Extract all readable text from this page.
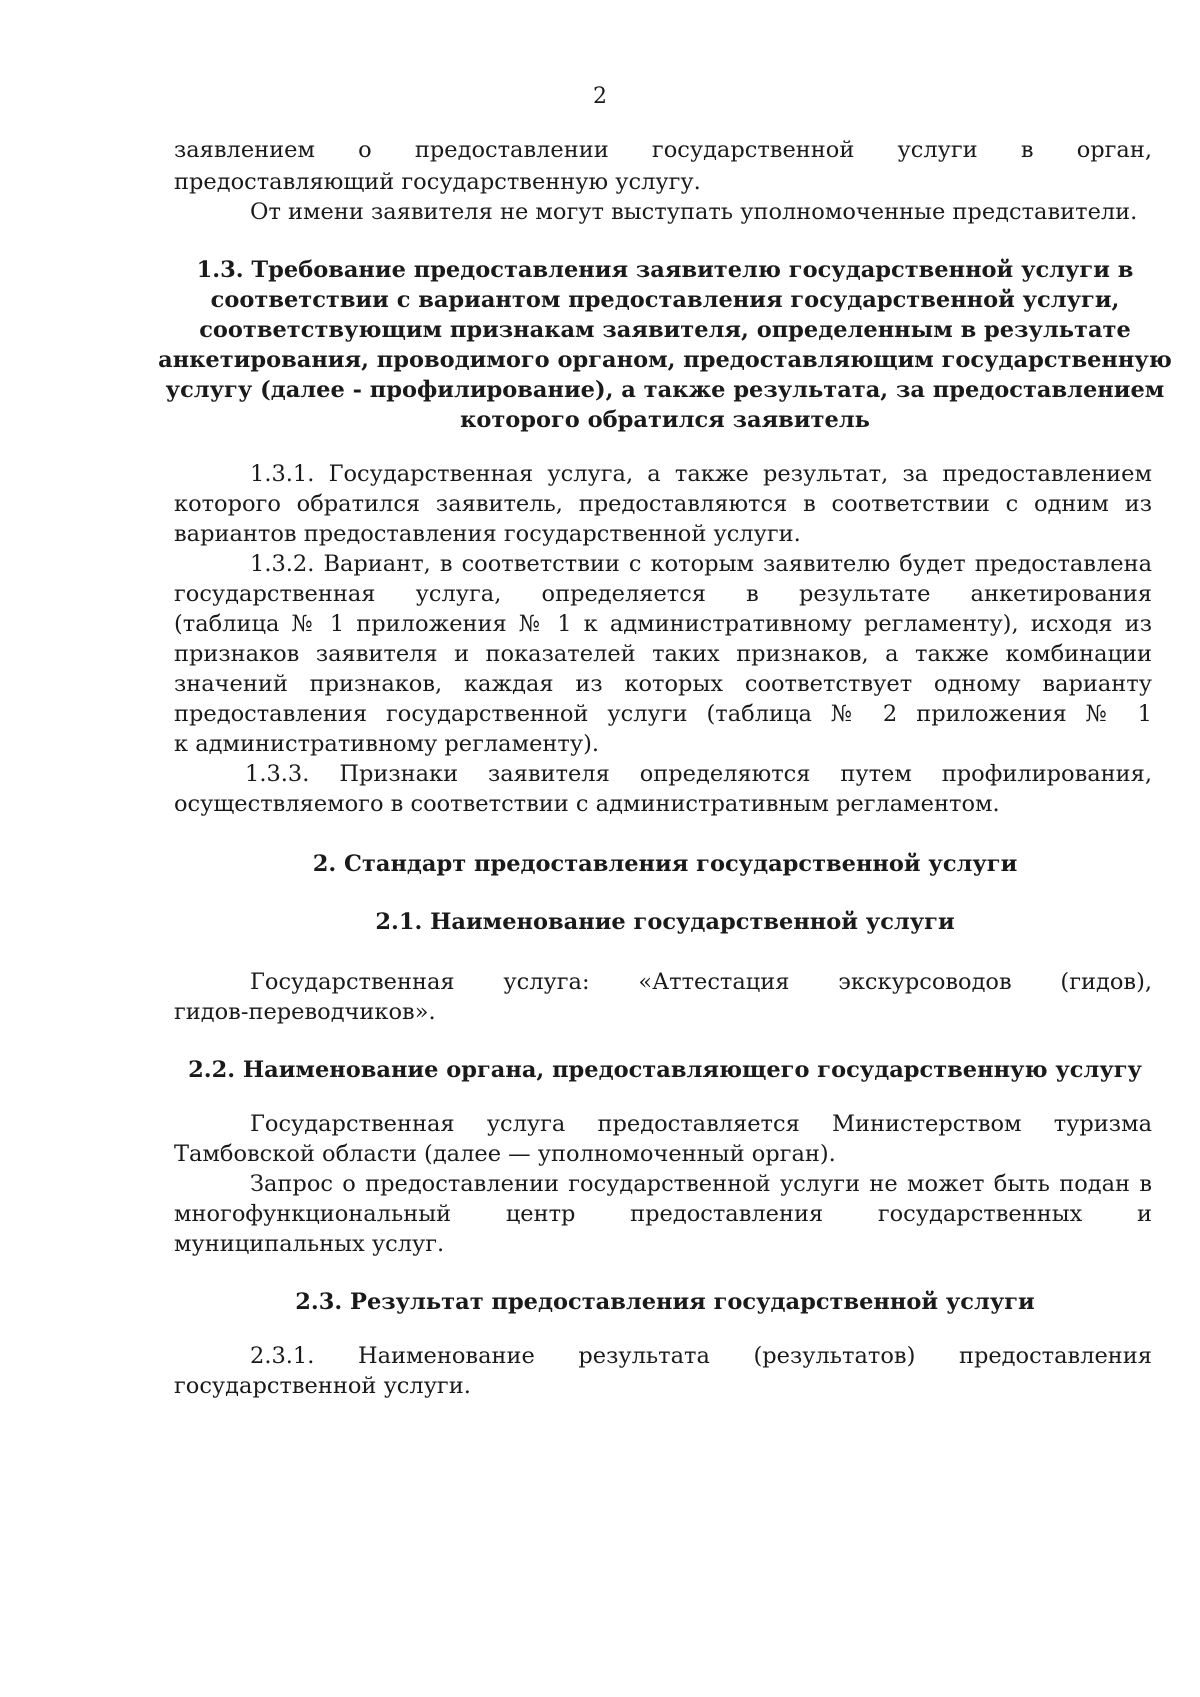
2
заявлением о предоставлении государственной услуги в орган,
предоставляющий государственную услугу.
От имени заявителя не могут выступать уполномоченные представители.
1.3. Требование предоставления заявителю государственной услуги в
соответствии с вариантом предоставления государственной услуги,
соответствующим признакам заявителя, определенным в результате
анкетирования, проводимого органом, предоставляющим государственную
услугу (далее - профилирование), а также результата, за предоставлением
которого обратился заявитель
1.3.1. Государственная услуга, а также результат, за предоставлением
которого обратился заявитель, предоставляются в соответствии с одним из
вариантов предоставления государственной услуги.
1.3.2. Вариант, в соответствии с которым заявителю будет предоставлена
государственная услуга, определяется в результате анкетирования
(таблица № 1 приложения № 1 к административному регламенту), исходя из
признаков заявителя и показателей таких признаков, а также комбинации
значений признаков, каждая из которых соответствует одному варианту
предоставления государственной услуги (таблица № 2 приложения № 1
к административному регламенту).
1.3.3. Признаки заявителя определяются путем профилирования,
осуществляемого в соответствии с административным регламентом.
2. Стандарт предоставления государственной услуги
2.1. Наименование государственной услуги
Государственная услуга: «Аттестация экскурсоводов (гидов),
гидов-переводчиков».
2.2. Наименование органа, предоставляющего государственную услугу
Государственная услуга предоставляется Министерством туризма
Тамбовской области (далее — уполномоченный орган).
Запрос о предоставлении государственной услуги не может быть подан в
многофункциональный центр предоставления государственных и
муниципальных услуг.
2.3. Результат предоставления государственной услуги
2.3.1. Наименование результата (результатов) предоставления
государственной услуги.
